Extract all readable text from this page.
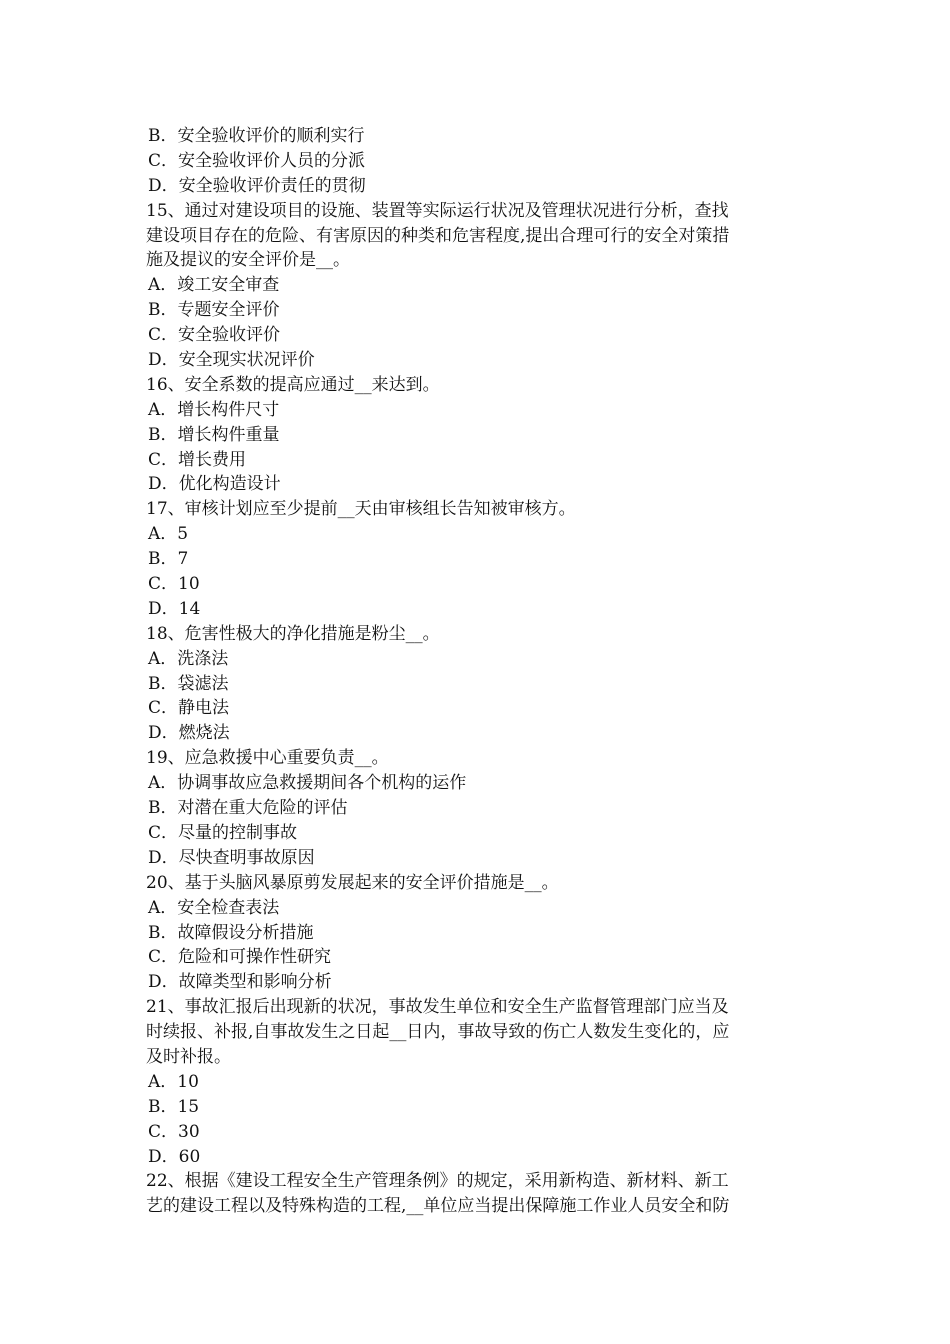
B．安全验收评价的顺利实行
C．安全验收评价人员的分派
D．安全验收评价责任的贯彻
15、通过对建设项目的设施、装置等实际运行状况及管理状况进行分析，查找
建设项目存在的危险、有害原因的种类和危害程度,提出合理可行的安全对策措
施及提议的安全评价是__。
A．竣工安全审查
B．专题安全评价
C．安全验收评价
D．安全现实状况评价
16、安全系数的提高应通过__来达到。
A．增长构件尺寸
B．增长构件重量
C．增长费用
D．优化构造设计
17、审核计划应至少提前__天由审核组长告知被审核方。
A．5
B．7
C．10
D．14
18、危害性极大的净化措施是粉尘__。
A．洗涤法
B．袋滤法
C．静电法
D．燃烧法
19、应急救援中心重要负责__。
A．协调事故应急救援期间各个机构的运作
B．对潜在重大危险的评估
C．尽量的控制事故
D．尽快查明事故原因
20、基于头脑风暴原剪发展起来的安全评价措施是__。
A．安全检查表法
B．故障假设分析措施
C．危险和可操作性研究
D．故障类型和影响分析
21、事故汇报后出现新的状况，事故发生单位和安全生产监督管理部门应当及
时续报、补报,自事故发生之日起__日内，事故导致的伤亡人数发生变化的，应
及时补报。
A．10
B．15
C．30
D．60
22、根据《建设工程安全生产管理条例》的规定，采用新构造、新材料、新工
艺的建设工程以及特殊构造的工程,__单位应当提出保障施工作业人员安全和防
